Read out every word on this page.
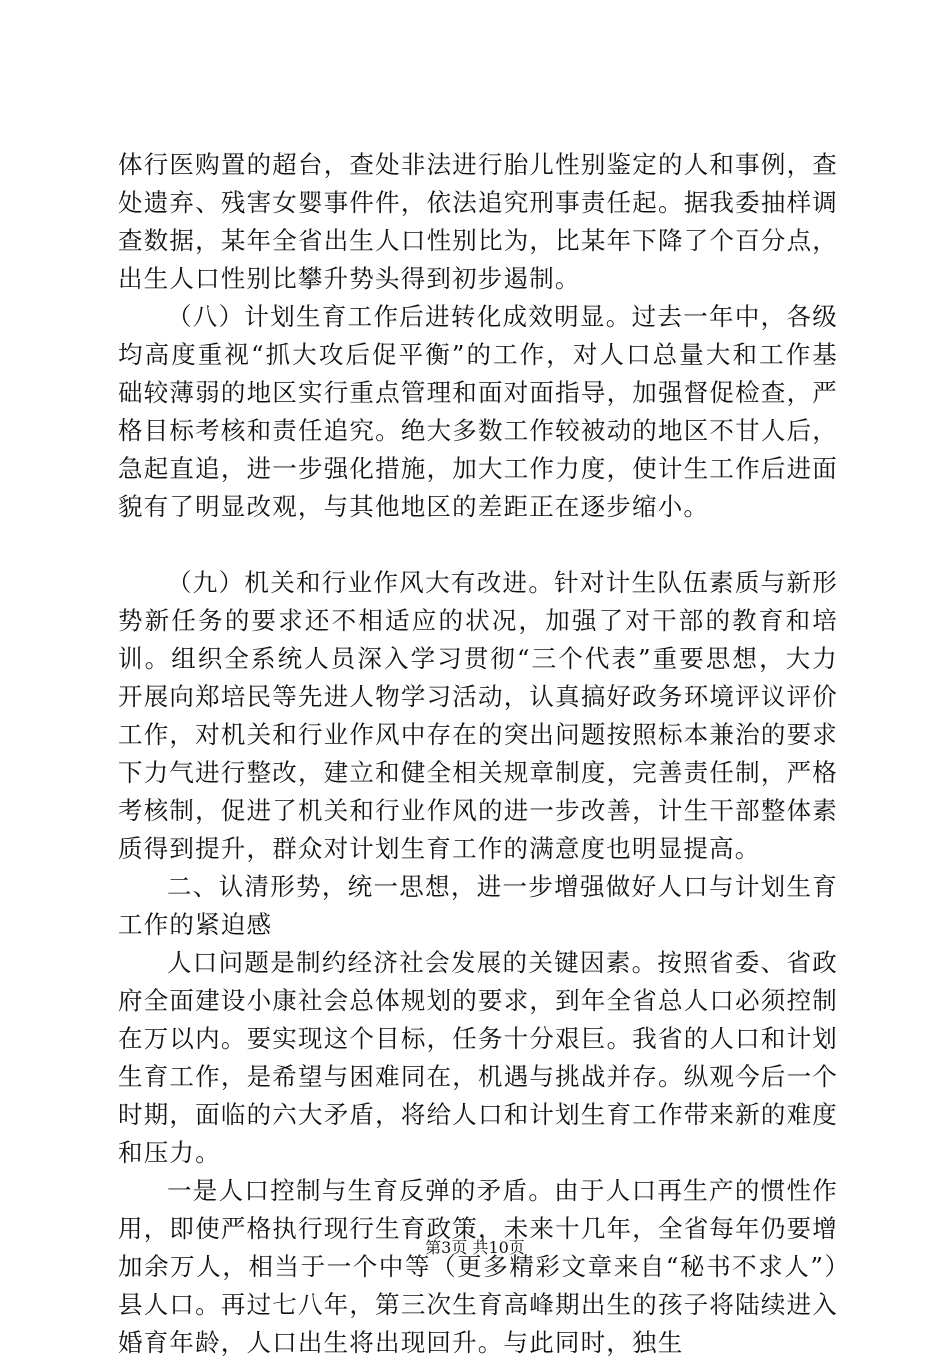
体行医购置的超台，查处非法进行胎儿性别鉴定的人和事例，查处遗弃、残害女婴事件件，依法追究刑事责任起。据我委抽样调查数据，某年全省出生人口性别比为，比某年下降了个百分点，出生人口性别比攀升势头得到初步遏制。

（八）计划生育工作后进转化成效明显。过去一年中，各级均高度重视“抓大攻后促平衡”的工作，对人口总量大和工作基础较薄弱的地区实行重点管理和面对面指导，加强督促检查，严格目标考核和责任追究。绝大多数工作较被动的地区不甘人后，急起直追，进一步强化措施，加大工作力度，使计生工作后进面貌有了明显改观，与其他地区的差距正在逐步缩小。

（九）机关和行业作风大有改进。针对计生队伍素质与新形势新任务的要求还不相适应的状况，加强了对干部的教育和培训。组织全系统人员深入学习贯彻“三个代表”重要思想，大力开展向郑培民等先进人物学习活动，认真搞好政务环境评议评价工作，对机关和行业作风中存在的突出问题按照标本兼治的要求下力气进行整改，建立和健全相关规章制度，完善责任制，严格考核制，促进了机关和行业作风的进一步改善，计生干部整体素质得到提升，群众对计划生育工作的满意度也明显提高。

二、认清形势，统一思想，进一步增强做好人口与计划生育工作的紧迫感

人口问题是制约经济社会发展的关键因素。按照省委、省政府全面建设小康社会总体规划的要求，到年全省总人口必须控制在万以内。要实现这个目标，任务十分艰巨。我省的人口和计划生育工作，是希望与困难同在，机遇与挑战并存。纵观今后一个时期，面临的六大矛盾，将给人口和计划生育工作带来新的难度和压力。

一是人口控制与生育反弹的矛盾。由于人口再生产的惯性作用，即使严格执行现行生育政策，未来十几年，全省每年仍要增加余万人，相当于一个中等（更多精彩文章来自“秘书不求人”）县人口。再过七八年，第三次生育高峰期出生的孩子将陆续进入婚育年龄，人口出生将出现回升。与此同时，独生

第3页 共10页
